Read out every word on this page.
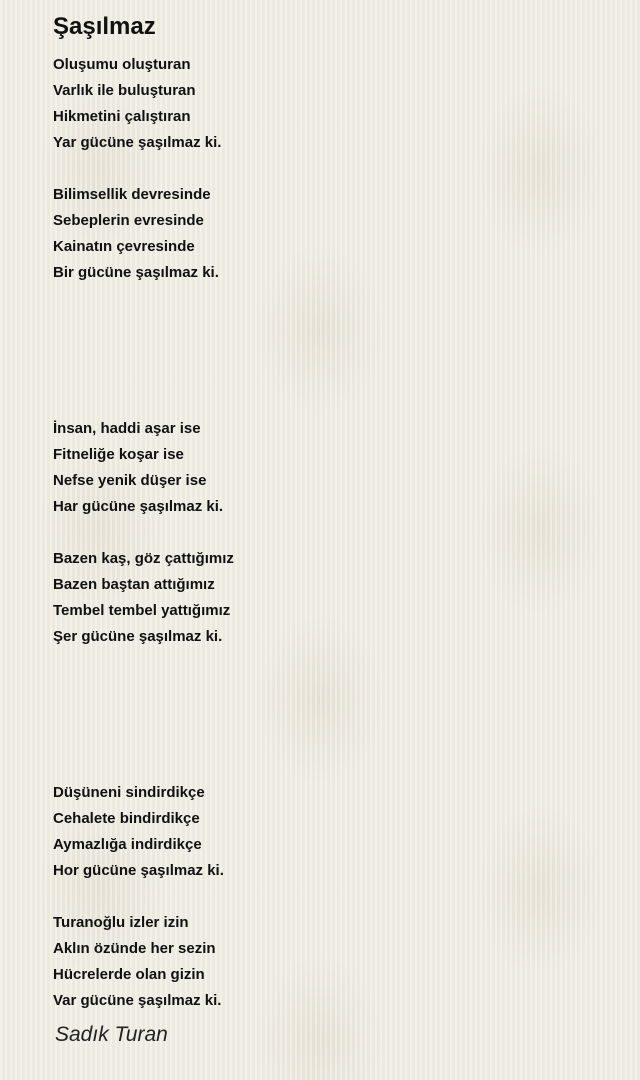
Şaşılmaz
Oluşumu oluşturan
Varlık ile buluşturan
Hikmetini çalıştıran
Yar gücüne şaşılmaz ki.
Bilimsellik devresinde
Sebeplerin evresinde
Kainatın çevresinde
Bir gücüne şaşılmaz ki.
İnsan, haddi aşar ise
Fitneliğe koşar ise
Nefse yenik düşer ise
Har gücüne şaşılmaz ki.
Bazen kaş, göz çattığımız
Bazen baştan attığımız
Tembel tembel yattığımız
Şer gücüne şaşılmaz ki.
Düşüneni sindirdikçe
Cehalete bindirdikçe
Aymazlığa indirdikçe
Hor gücüne şaşılmaz ki.
Turanoğlu izler izin
Aklın özünde her sezin
Hücrelerde olan gizin
Var gücüne şaşılmaz ki.
Sadık Turan
